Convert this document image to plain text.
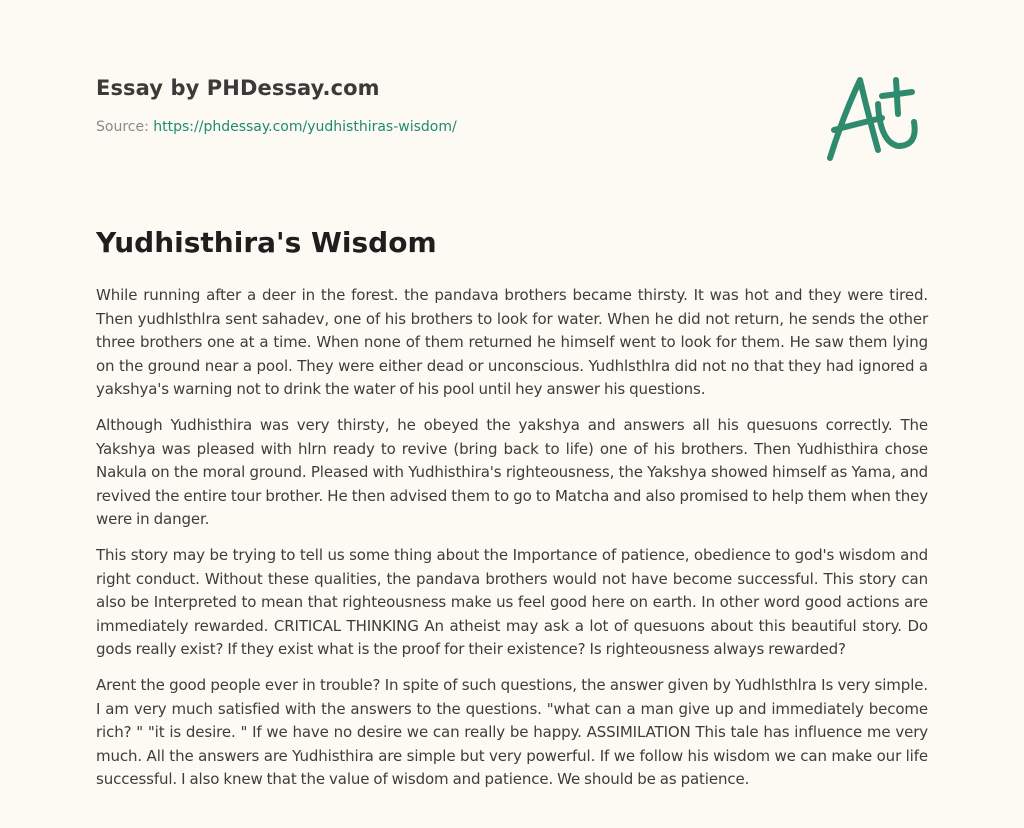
Essay by PHDessay.com
Source: https://phdessay.com/yudhisthiras-wisdom/
Yudhisthira's Wisdom

While running after a deer in the forest. the pandava brothers became thirsty. It was hot and they were tired. Then yudhlsthlra sent sahadev, one of his brothers to look for water. When he did not return, he sends the other three brothers one at a time. When none of them returned he himself went to look for them. He saw them lying on the ground near a pool. They were either dead or unconscious. Yudhlsthlra did not no that they had ignored a yakshya's warning not to drink the water of his pool until hey answer his questions.

Although Yudhisthira was very thirsty, he obeyed the yakshya and answers all his quesuons correctly. The Yakshya was pleased with hlrn ready to revive (bring back to life) one of his brothers. Then Yudhisthira chose Nakula on the moral ground. Pleased with Yudhisthira's righteousness, the Yakshya showed himself as Yama, and revived the entire tour brother. He then advised them to go to Matcha and also promised to help them when they were in danger.

This story may be trying to tell us some thing about the Importance of patience, obedience to god's wisdom and right conduct. Without these qualities, the pandava brothers would not have become successful. This story can also be Interpreted to mean that righteousness make us feel good here on earth. In other word good actions are immediately rewarded. CRITICAL THINKING An atheist may ask a lot of quesuons about this beautiful story. Do gods really exist? If they exist what is the proof for their existence? Is righteousness always rewarded?

Arent the good people ever in trouble? In spite of such questions, the answer given by Yudhlsthlra Is very simple. I am very much satisfied with the answers to the questions. "what can a man give up and immediately become rich? " "it is desire. " If we have no desire we can really be happy. ASSIMILATION This tale has influence me very much. All the answers are Yudhisthira are simple but very powerful. If we follow his wisdom we can make our life successful. I also knew that the value of wisdom and patience. We should be as patience.
